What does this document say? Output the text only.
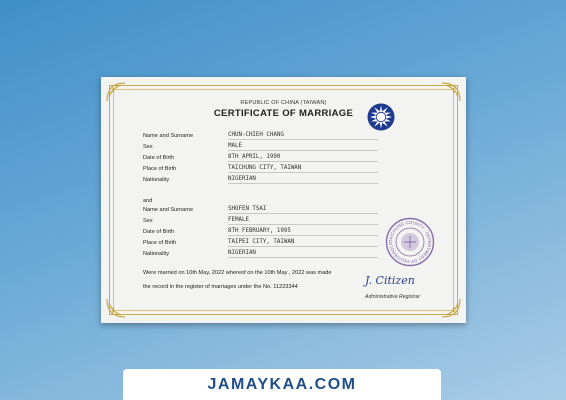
REPUBLIC OF CHINA (TAIWAN)
CERTIFICATE OF MARRIAGE
Name and Surname	CHUN-CHIEH CHANG
Sex	MALE
Date of Birth	8TH APRIL, 1990
Place of Birth	TAICHUNG CITY, TAIWAN
Nationality	NIGERIAN
and
Name and Surname	SHOFEN TSAI
Sex	FEMALE
Date of Birth	8TH FEBRUARY, 1995
Place of Birth	TAIPEI CITY, TAIWAN
Nationality	NIGERIAN
Were married on 10th May, 2022 whereof on the 10th May , 2022 was made
the record in the register of marriages under the No. 11223344
TAICHUNG COUNTY · DEPARTMENT OF HOUSEHOLD
J. Citizen
Administrative Registrar
JAMAYKAA.COM
